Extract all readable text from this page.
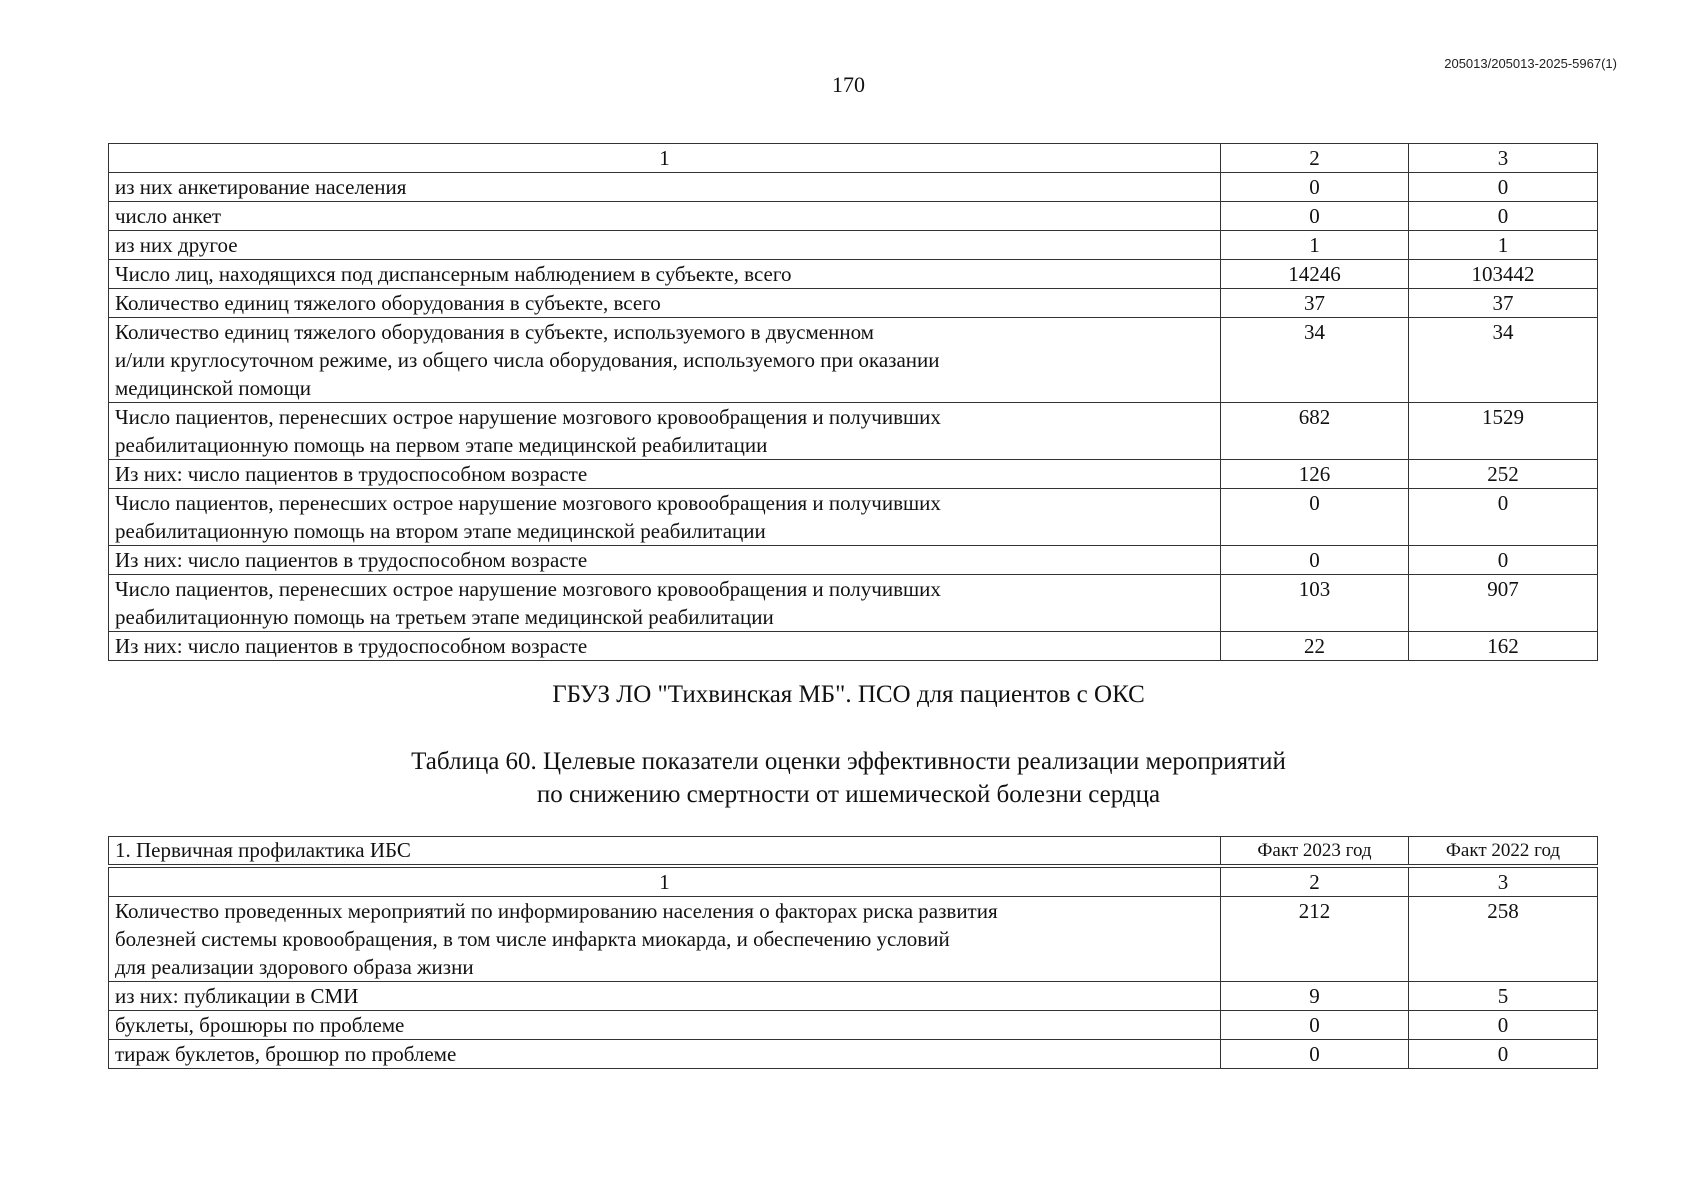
205013/205013-2025-5967(1)
170
1	2	3
из них анкетирование населения	0	0
число анкет	0	0
из них другое	1	1
Число лиц, находящихся под диспансерным наблюдением в субъекте, всего	14246	103442
Количество единиц тяжелого оборудования в субъекте, всего	37	37
Количество единиц тяжелого оборудования в субъекте, используемого в двусменном
и/или круглосуточном режиме, из общего числа оборудования, используемого при оказании
медицинской помощи	34	34
Число пациентов, перенесших острое нарушение мозгового кровообращения и получивших
реабилитационную помощь на первом этапе медицинской реабилитации	682	1529
Из них: число пациентов в трудоспособном возрасте	126	252
Число пациентов, перенесших острое нарушение мозгового кровообращения и получивших
реабилитационную помощь на втором этапе медицинской реабилитации	0	0
Из них: число пациентов в трудоспособном возрасте	0	0
Число пациентов, перенесших острое нарушение мозгового кровообращения и получивших
реабилитационную помощь на третьем этапе медицинской реабилитации	103	907
Из них: число пациентов в трудоспособном возрасте	22	162
ГБУЗ ЛО "Тихвинская МБ". ПСО для пациентов с ОКС
Таблица 60. Целевые показатели оценки эффективности реализации мероприятий
по снижению смертности от ишемической болезни сердца
1. Первичная профилактика ИБС	Факт 2023 год	Факт 2022 год
1	2	3
Количество проведенных мероприятий по информированию населения о факторах риска развития
болезней системы кровообращения, в том числе инфаркта миокарда, и обеспечению условий
для реализации здорового образа жизни	212	258
из них: публикации в СМИ	9	5
буклеты, брошюры по проблеме	0	0
тираж буклетов, брошюр по проблеме	0	0
